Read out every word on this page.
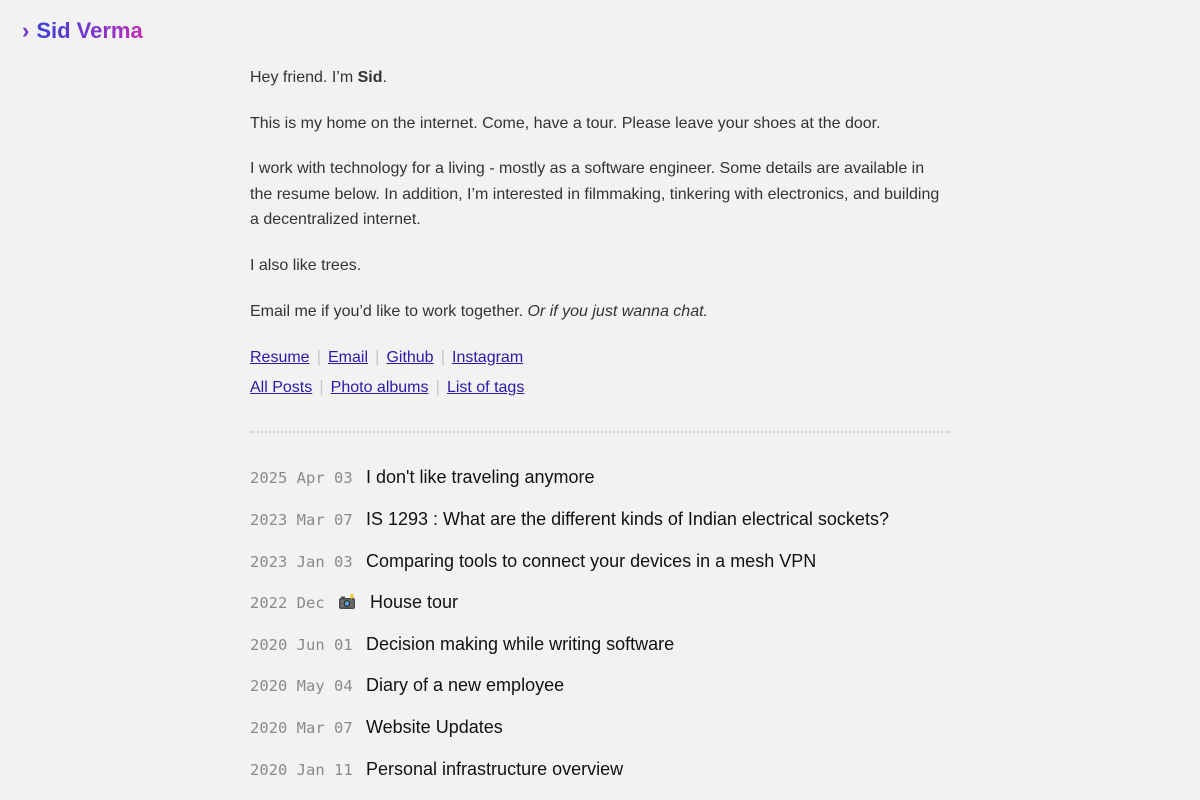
› Sid Verma

Hey friend. I’m Sid.

This is my home on the internet. Come, have a tour. Please leave your shoes at the door.

I work with technology for a living - mostly as a software engineer. Some details are available in the resume below. In addition, I’m interested in filmmaking, tinkering with electronics, and building a decentralized internet.

I also like trees.

Email me if you’d like to work together. Or if you just wanna chat.

Resume | Email | Github | Instagram
All Posts | Photo albums | List of tags
2025 Apr 03 I don't like traveling anymore
2023 Mar 07 IS 1293 : What are the different kinds of Indian electrical sockets?
2023 Jan 03 Comparing tools to connect your devices in a mesh VPN
2022 Dec	House tour
2020 Jun 01 Decision making while writing software
2020 May 04 Diary of a new employee
2020 Mar 07 Website Updates
2020 Jan 11 Personal infrastructure overview
